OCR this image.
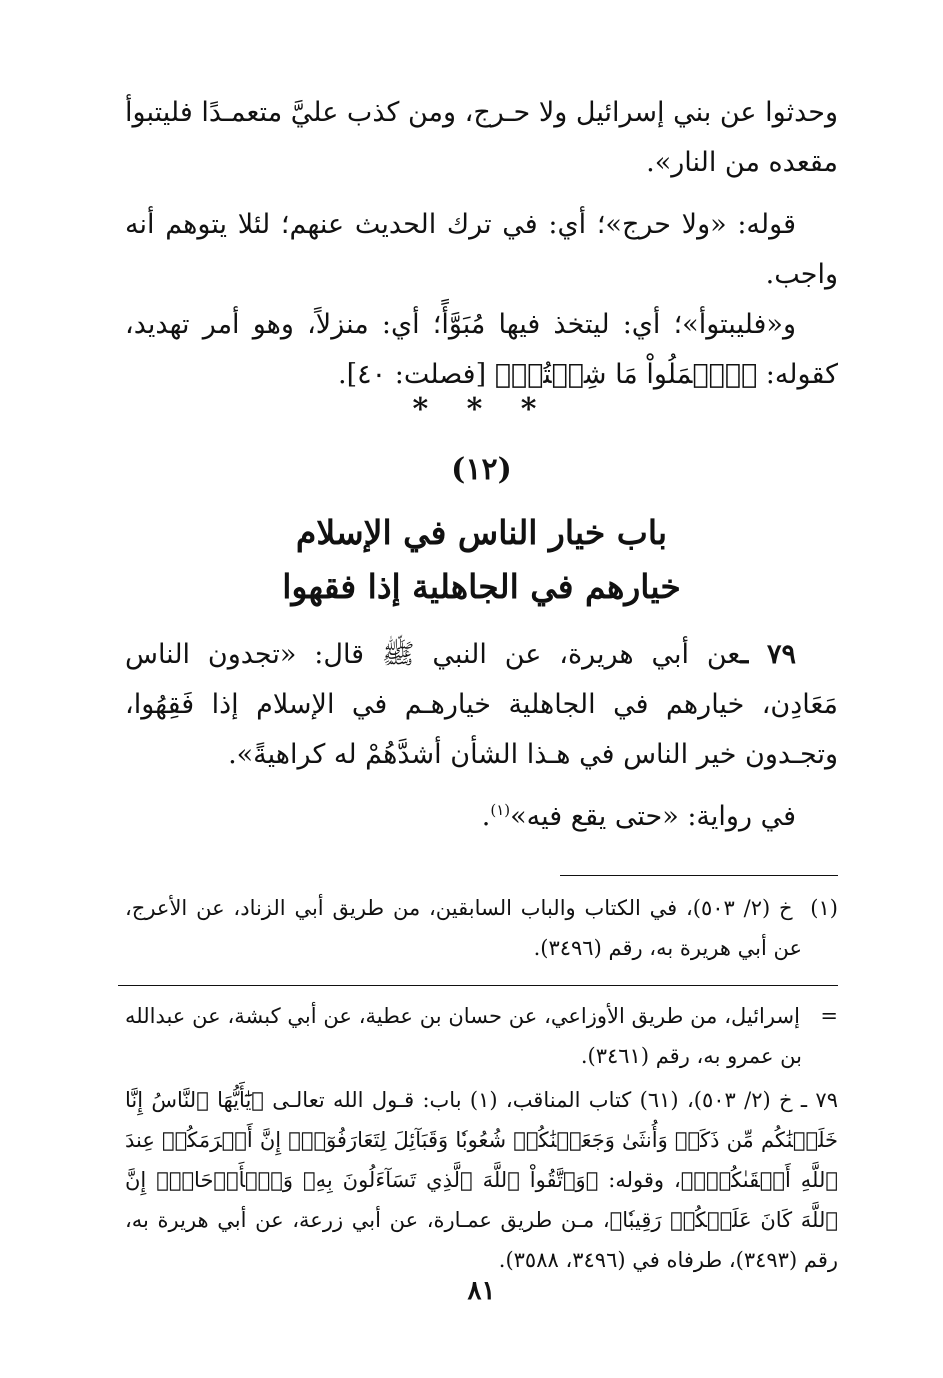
وحدثوا عن بني إسرائيل ولا حـرج، ومن كذب عليَّ متعمـدًا فليتبوأ مقعده من النار».

قوله: «ولا حرج»؛ أي: في ترك الحديث عنهم؛ لئلا يتوهم أنه واجب.

و«فليبتوأ»؛ أي: ليتخذ فيها مُبَوَّأً؛ أي: منزلاً، وهو أمر تهديد، كقوله: ﴿ٱعۡمَلُواْ مَا شِئۡتُمۡ﴾ [فصلت: ٤٠].

* * *
(١٢)
باب خيار الناس في الإسلام
خيارهم في الجاهلية إذا فقهوا

٧٩ ـعن أبي هريرة، عن النبي ﷺ قال: «تجدون الناس مَعَادِن، خيارهم في الجاهلية خيارهـم في الإسلام إذا فَقِهُوا، وتجـدون خير الناس في هـذا الشأن أشدَّهُمْ له كراهيةً».

في رواية: «حتى يقع فيه»$^{(١)}$.

(١)  خ (٢/ ٥٠٣)، في الكتاب والباب السابقين، من طريق أبي الزناد، عن الأعرج، عن أبي هريرة به، رقم (٣٤٩٦).

=   إسرائيل، من طريق الأوزاعي، عن حسان بن عطية، عن أبي كبشة، عن عبدالله بن عمرو به، رقم (٣٤٦١).

٧٩ ـ خ (٢/ ٥٠٣)، (٦١) كتاب المناقب، (١) باب: قـول الله تعالـى ﴿يَٰٓأَيُّهَا ٱلنَّاسُ إِنَّا خَلَقۡنَٰكُم مِّن ذَكَرٖ وَأُنثَىٰ وَجَعَلۡنَٰكُمۡ شُعُوبٗا وَقَبَآئِلَ لِتَعَارَفُوٓاْۚ إِنَّ أَكۡرَمَكُمۡ عِندَ ٱللَّهِ أَتۡقَىٰكُمۡۚ﴾، وقوله: ﴿وَٱتَّقُواْ ٱللَّهَ ٱلَّذِي تَسَآءَلُونَ بِهِۦ وَٱلۡأَرۡحَامَۚ إِنَّ ٱللَّهَ كَانَ عَلَيۡكُمۡ رَقِيبٗا﴾، مـن طريق عمـارة، عن أبي زرعة، عن أبي هريرة به، رقم (٣٤٩٣)، طرفاه في (٣٤٩٦، ٣٥٨٨).

٨١
